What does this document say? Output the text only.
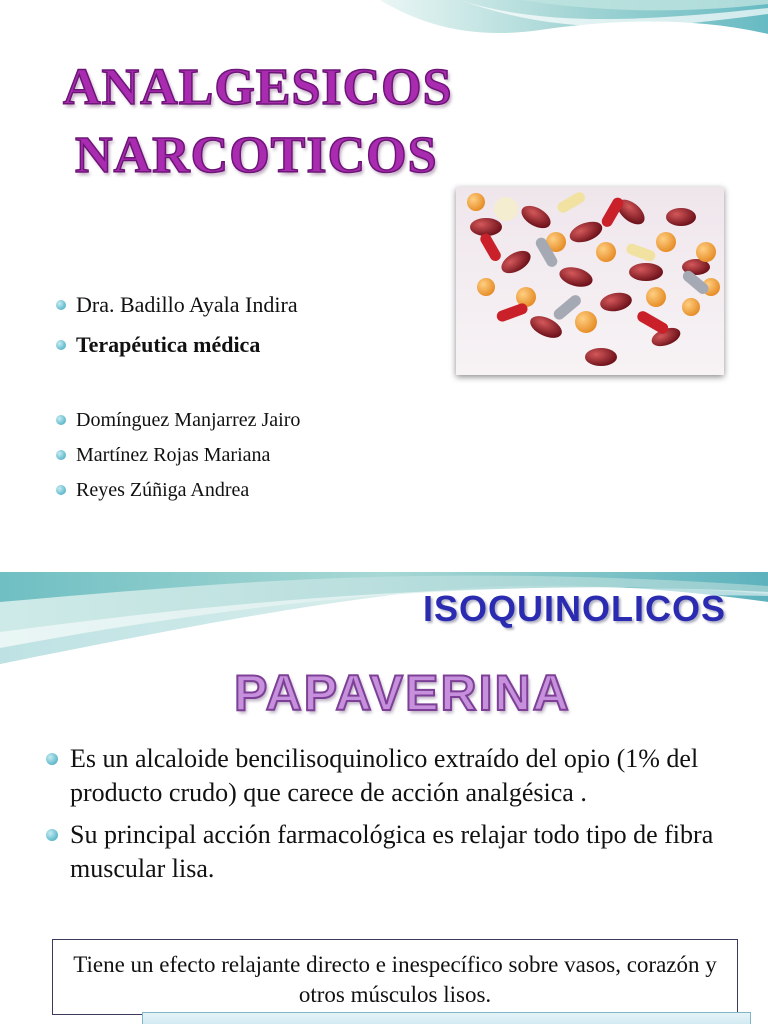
ANALGESICOS
NARCOTICOS
Dra. Badillo Ayala Indira
Terapéutica médica
Domínguez Manjarrez Jairo
Martínez Rojas Mariana
Reyes Zúñiga Andrea
ISOQUINOLICOS
PAPAVERINA
Es un alcaloide bencilisoquinolico extraído del opio (1% del producto crudo) que carece de acción analgésica .
Su principal acción farmacológica es relajar todo tipo de fibra muscular lisa.
Tiene un efecto relajante directo e inespecífico sobre vasos, corazón y otros músculos lisos.
